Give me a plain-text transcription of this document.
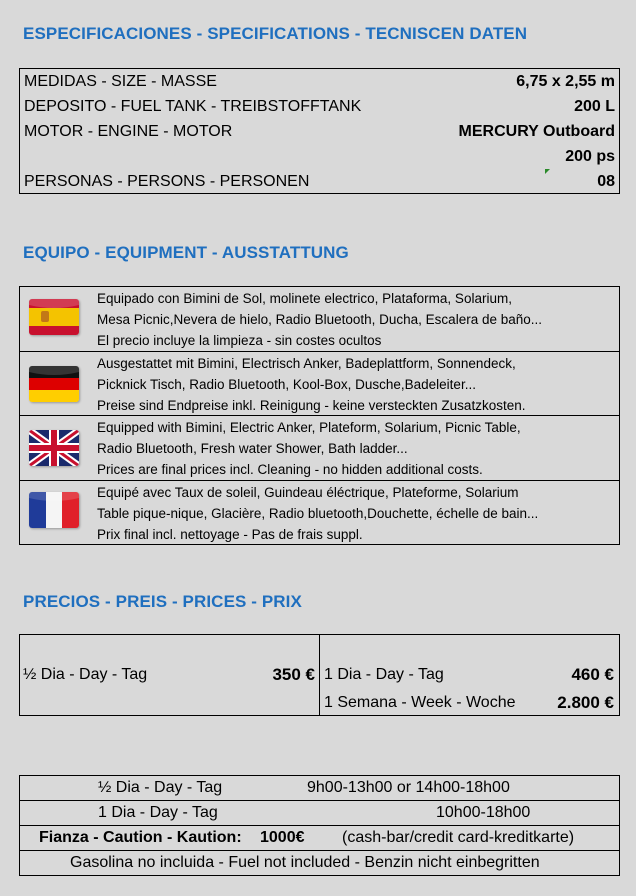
ESPECIFICACIONES - SPECIFICATIONS - TECNISCEN DATEN
MEDIDAS - SIZE - MASSE	6,75 x 2,55 m
DEPOSITO - FUEL TANK - TREIBSTOFFTANK	200 L
MOTOR - ENGINE - MOTOR	MERCURY Outboard
200 ps
PERSONAS - PERSONS - PERSONEN	08
EQUIPO - EQUIPMENT - AUSSTATTUNG
Equipado con Bimini de Sol, molinete electrico, Plataforma, Solarium,
Mesa Picnic,Nevera de hielo, Radio Bluetooth, Ducha, Escalera de baño...
El precio incluye la limpieza - sin costes ocultos
Ausgestattet mit Bimini, Electrisch Anker, Badeplattform, Sonnendeck,
Picknick Tisch, Radio Bluetooth, Kool-Box, Dusche,Badeleiter...
Preise sind Endpreise inkl. Reinigung - keine versteckten Zusatzkosten.
Equipped with Bimini, Electric Anker, Plateform, Solarium, Picnic Table,
Radio Bluetooth, Fresh water Shower, Bath ladder...
Prices are final prices incl. Cleaning - no hidden additional costs.
Equipé avec Taux de soleil, Guindeau éléctrique, Plateforme, Solarium
Table pique-nique, Glacière, Radio bluetooth,Douchette, échelle de bain...
Prix final incl. nettoyage - Pas de frais suppl.
PRECIOS - PREIS - PRICES - PRIX
½ Dia - Day - Tag	350 € 1 Dia - Day - Tag	460 €
1 Semana - Week - Woche 2.800 €
½ Dia - Day - Tag	9h00-13h00 or 14h00-18h00
1 Dia - Day - Tag	10h00-18h00
Fianza - Caution - Kaution: 1000€ (cash-bar/credit card-kreditkarte)
Gasolina no incluida - Fuel not included - Benzin nicht einbegritten
